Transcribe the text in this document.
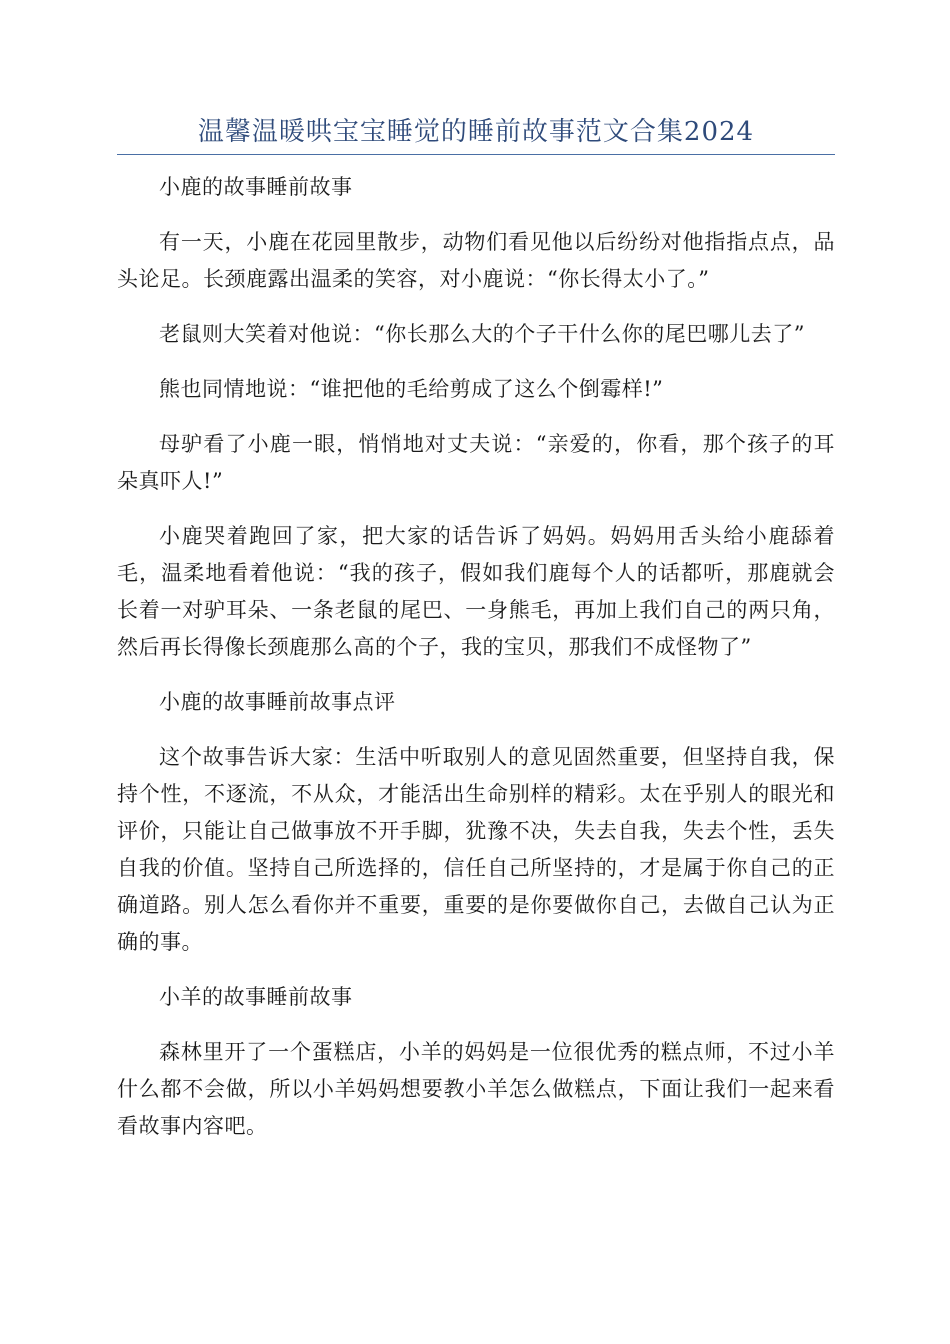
温馨温暖哄宝宝睡觉的睡前故事范文合集2024

小鹿的故事睡前故事

有一天，小鹿在花园里散步，动物们看见他以后纷纷对他指指点点，品头论足。长颈鹿露出温柔的笑容，对小鹿说：“你长得太小了。”

老鼠则大笑着对他说：“你长那么大的个子干什么你的尾巴哪儿去了”

熊也同情地说：“谁把他的毛给剪成了这么个倒霉样!”

母驴看了小鹿一眼，悄悄地对丈夫说：“亲爱的，你看，那个孩子的耳朵真吓人!”

小鹿哭着跑回了家，把大家的话告诉了妈妈。妈妈用舌头给小鹿舔着毛，温柔地看着他说：“我的孩子，假如我们鹿每个人的话都听，那鹿就会长着一对驴耳朵、一条老鼠的尾巴、一身熊毛，再加上我们自己的两只角，然后再长得像长颈鹿那么高的个子，我的宝贝，那我们不成怪物了”

小鹿的故事睡前故事点评

这个故事告诉大家：生活中听取别人的意见固然重要，但坚持自我，保持个性，不逐流，不从众，才能活出生命别样的精彩。太在乎别人的眼光和评价，只能让自己做事放不开手脚，犹豫不决，失去自我，失去个性，丢失自我的价值。坚持自己所选择的，信任自己所坚持的，才是属于你自己的正确道路。别人怎么看你并不重要，重要的是你要做你自己，去做自己认为正确的事。

小羊的故事睡前故事

森林里开了一个蛋糕店，小羊的妈妈是一位很优秀的糕点师，不过小羊什么都不会做，所以小羊妈妈想要教小羊怎么做糕点，下面让我们一起来看看故事内容吧。
